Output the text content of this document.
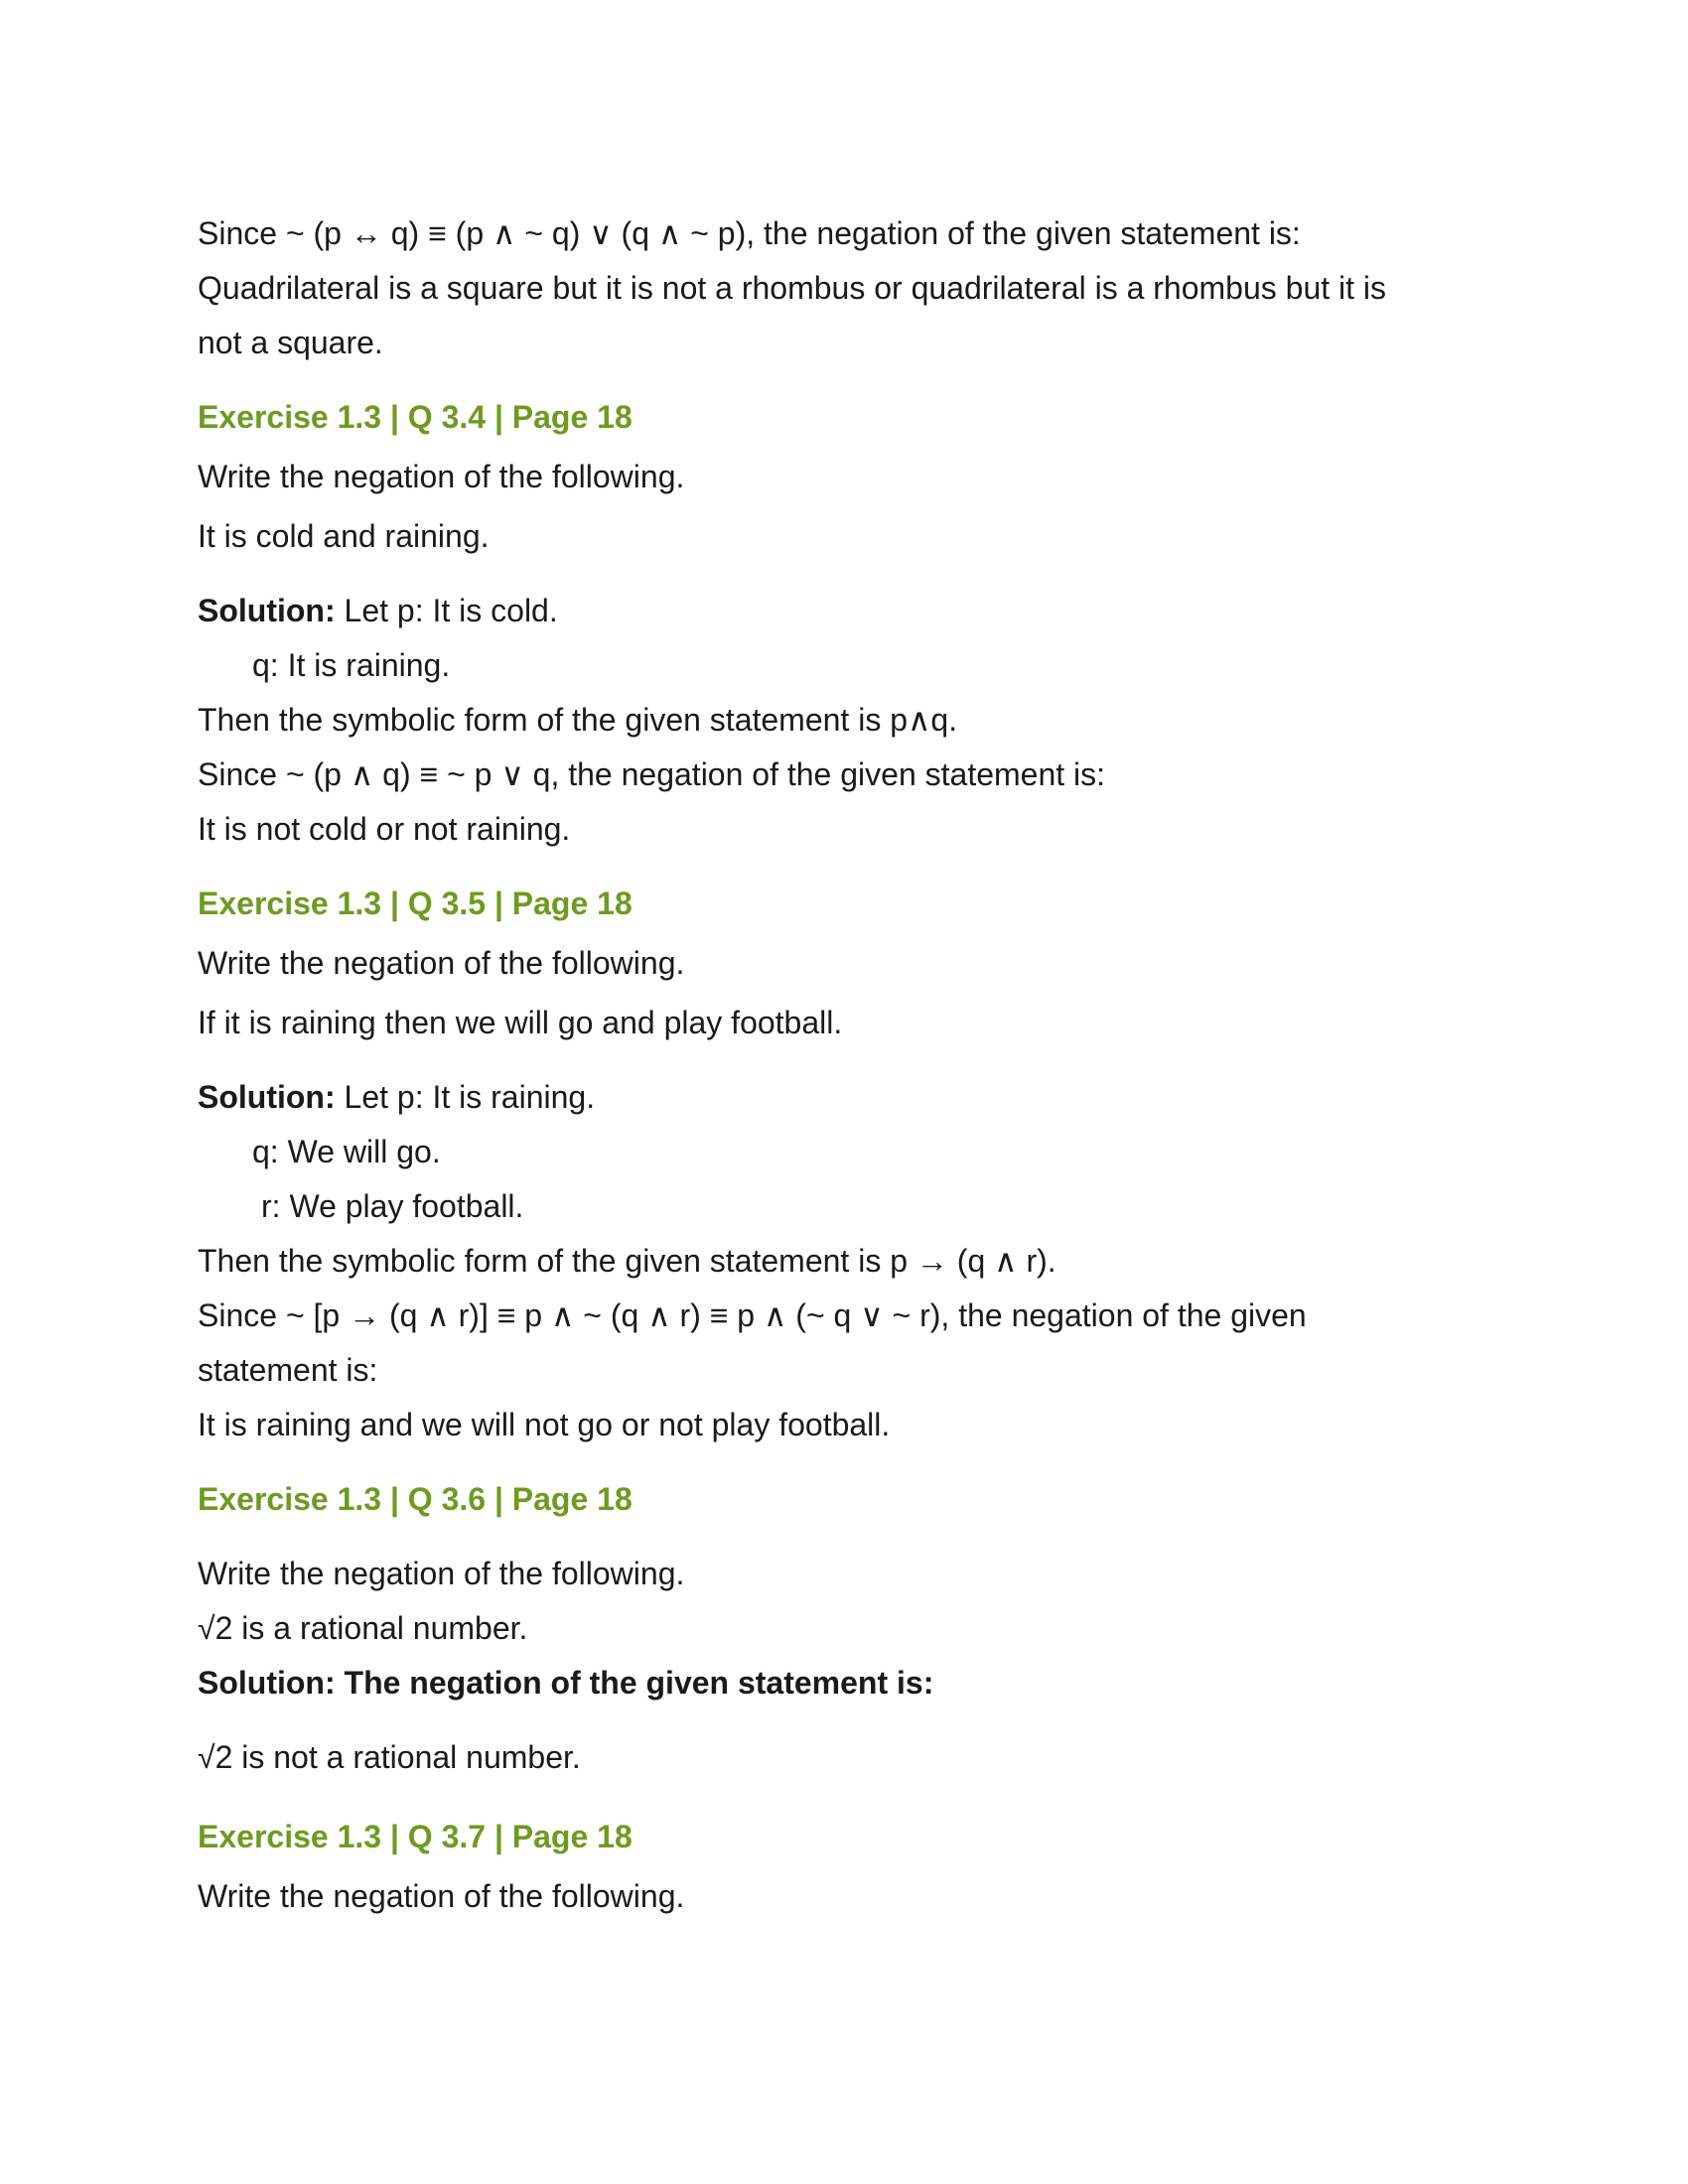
Since ~ (p ↔ q) ≡ (p ∧ ~ q) ∨ (q ∧ ~ p), the negation of the given statement is:
Quadrilateral is a square but it is not a rhombus or quadrilateral is a rhombus but it is
not a square.
Exercise 1.3 | Q 3.4 | Page 18
Write the negation of the following.
It is cold and raining.
Solution: Let p: It is cold.
q: It is raining.
Then the symbolic form of the given statement is p∧q.
Since ~ (p ∧ q) ≡ ~ p ∨ q, the negation of the given statement is:
It is not cold or not raining.
Exercise 1.3 | Q 3.5 | Page 18
Write the negation of the following.
If it is raining then we will go and play football.
Solution: Let p: It is raining.
q: We will go.
r: We play football.
Then the symbolic form of the given statement is p → (q ∧ r).
Since ~ [p → (q ∧ r)] ≡ p ∧ ~ (q ∧ r) ≡ p ∧ (~ q ∨ ~ r), the negation of the given
statement is:
It is raining and we will not go or not play football.
Exercise 1.3 | Q 3.6 | Page 18
Write the negation of the following.
√2 is a rational number.
Solution: The negation of the given statement is:
√2 is not a rational number.
Exercise 1.3 | Q 3.7 | Page 18
Write the negation of the following.
